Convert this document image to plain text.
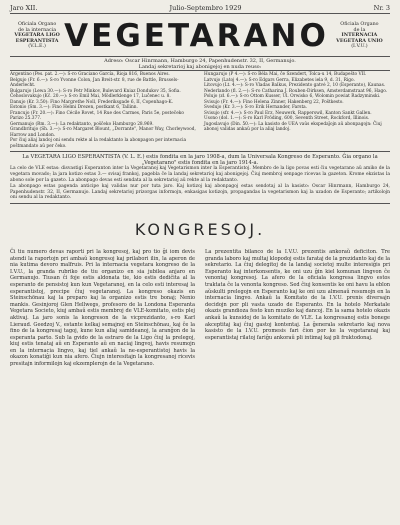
Jaro XII.	Julio-Septembro 1929	Nr. 3
Oficiala Organo
de la internacia
VEGETARA LIGO
ESPERANTISTA
(V.L.E.) VEGETARANO	Oficiala Organo
de la
INTERNACIA
VEGETARA UNIO
(I.V.U.)
Adreso: Oscar Hinrmann, Hamburgo 24, Papenhudenstr. 32, II, Germanujo.
Landaj sekretarioj kaj abonigejoj en nuda reuso:
Argentino (Pes. pat. 2.—): S-ro Graciano García, Rioja 816, Buenos Aires.
Belgujo (Fr. 6.—): S-ro Yvonne Colon, Jan Breit-str. 8, rue de Battle, Brussels-Anderlecht.
Bulgarujo (Lewa 30.—): S-ro Petr Minkov, Bulevard Kniaz Dondukov 35, Sofia.
Ĉeĥoslovakujo (Kĉ. 20.—): S-ro Emil Mai, Mödlerklenge 17, Lučenec u. 8.
Danujo (Kr. 3.50): Fino Margrethe Noll, Frederiksgade 6, II, Copenhago-K.
Estonio (Sm. 3.—): Fino Helmi Drezen, postkant 6, Tallinn.
Francujo (Fr. 20.—): Fino Cécile Rovet, 14 Rue des Carmes, Paris 5e, posteĉeko Parizo 25.377.
Germanujo (Rm. 3.—): La redaktanto, poŝĉeko Hamburgo 28.969.
Grandbritujo (Sh. 3.—): S-ro Margaret Blount, „Dorrante", Manor Way, Chorleywood, Harrow and London.
Por ĉiuj aliaj landoj oni sendu rekte al la redaktanto la abonpagon per internacia poŝtmandato aŭ per ĉeko.
Hungarujo (P 4.—): S-ro Béla Mai, ĉe Szendert, Tolca-u 14, Budapeŝto VII.
Latvujo (Latoj 4.—): S-ro Edgars Gerra, Elizabetes iela 9, d. 31, Rigo.
Litovujo (Lt. 4.—): S-ro Vladas Balkus, Prezidento gatvė 2, 10 (Esperanto), Kaunas.
Nederlando (fl. 2.—): S-ro Catharina J. Rouben-Dirksen, Amsterdamstraat 96, Hago.
Polujo (zł. 6.—): S-ro Ottom Kusser, Ul. Orwisko 6, Wolomin powiat Radzyminski.
Svisujo (Fr. 4.—): Fino Helena Zinner, Hakenberg 22, Poŝtkesto.
Svedujo (Kr. 3.—): S-ro Erik Hernander, Farsta.
Svisujo (sfr. 4.—): S-ro Paul Erz, Neuwerk, Rapperswil, Kanton Sankt Gallen.
Usono (dol. 1.—): S-ro Karl Fröding, 600, Seventh Street, Rockford, Illinois.
Jugoslavujo (Din. 50.—): La kasisto de UEA vaŭs ekspedaĵojn aŭ abonpagojn: Ĉiuj abonoj validas ankaŭ por la aliaj landoj.
La VEGETARA LIGO ESPERANTISTA (V. L. E.) estis fondita en la jaro 1908-a, dum la Universala Kongreso de Esperanto. Ĝia organo la „Vegetarano" estis fondita en la jaro 1914-a.
La celo de VLE estas: disvastigi Esperanton inter la Vegetaranoj kaj Vegetarismon inter la Esperantistoj. Membro de la ligo povas esti ĉiu vegetarano aŭ amiko de la vegetara movado; la jara kotizo estas 3.— svisaj frankoj, pagebla ĉe la landaj sekretarioj kaj abonigejoj. Ĉiuj membroj senpage ricevas la gazeton. Krome ekzistas la abono sole por la gazeto. La abonpago devas esti sendata al la sekretarioj aŭ rekte al la redaktanto.
La abonpago estas pagenda anticipe kaj validas nur por tuta jaro. Kaj kotizoj kaj abonpagoj estas sendotaj al la kasisto: Oscar Hinrmann, Hamburgo 24, Papenhudenstr. 32, II, Germanujo. Landaj sekretarioj prizorgas informojn, enkasigas kotizojn, propagandas la vegetarismon kaj la uzadon de Esperanto; artikolojn oni sendu al la redaktanto.
KONGRESOJ.

Ĉi tiu numero devas raporti pri la kongresoj, kaj pro tio ĝi iom devis atendi la raportojn pri ambaŭ kongresoj kaj prilabori ilin, la aperon de nia kutima devoro malfruis. Pri la internacia vegetara kongreso de la I.V.U., la granda rubriko de tiu organizo en sia jubilea anjaro en Germanujo. Tiusan ĉi foje estis aldonata tie, kio estis dediĉita al la esperanto de pensistoj kun kun Vegetaranoj, en la celo esti interesaj la esperantistoj, precipe ĉiuj vegetaranoj. La kongreso okazis en Steinschönau kaj la preparo kaj la organizo estis tre bonaj; Nenio mankis. Gesinjoroj Glen Hellwegs, profesoro de la Londona Esperanta Vegetara Societo, kiuj ambaŭ estis membroj de VLE-komitato, estis plej aktivaj. La jaro sonis la kongreson de la vicprezidanto, s-ro Karl Lieraud. Geedzoj V., estante kelkaj semajnoj en Steinschönau, kaj ĉe la fino de la kongresaj tagoj, kune kun aliaj samideanoj, la aranĝon de la esperanta parto. Sub la gvido de la estraro de la Ligo ĉiuj la prelegoj, kiuj estis tenataj aŭ en Esperanto aŭ en naciaj lingvoj, havis resumojn en la internacia lingvo, kaj tiel ankaŭ la ne-esperantistoj havis la okazon konatiĝi kun nia afero. Ĉiujn interesitajn la kongresanoj ricevis presitajn informilojn kaj ekzemplerojn de la Vegetarano.

La prezentita bilanco de la I.V.U. prezentis ankoraŭ deficiton. Tre granda laboro kaj multaj klopodoj estis farataj de la prezidanto kaj de la sekretario. La ĉiuj delegitoj de la landaj societoj multe interesiĝis pri Esperanto kaj interkonsentis, ke oni uzu ĝin kiel komunan lingvon ĉe venontaj kongresoj. La afero de la oficiala kongresa lingvo estos traktata ĉe la venonta kongreso. Sed ĉiuj konsentis ke oni havu la eblon aŭskulti prelegojn en Esperanto kaj ke oni uzu almenaŭ resumojn en la internacia lingvo. Ankaŭ la Komitato de la I.V.U. prenis diversajn decidojn por pli vasta uzado de Esperanto. En la hotelo Merkatale okazis grandioza festo kun muziko kaj dancoj. En la sama hotelo okazis ankaŭ la kunsidoj de la komitato de VLE. La kongresanoj estis bonege akceptitaj kaj ĉiuj gastoj kontentaj. La ĝenerala sekretario kaj nova kasisto de la I.V.U. promesis fari ĉion por ke la vegetaranaj kaj esperantistaj rilatoj fariĝu ankoraŭ pli intimaj kaj pli fruktodonaj.
